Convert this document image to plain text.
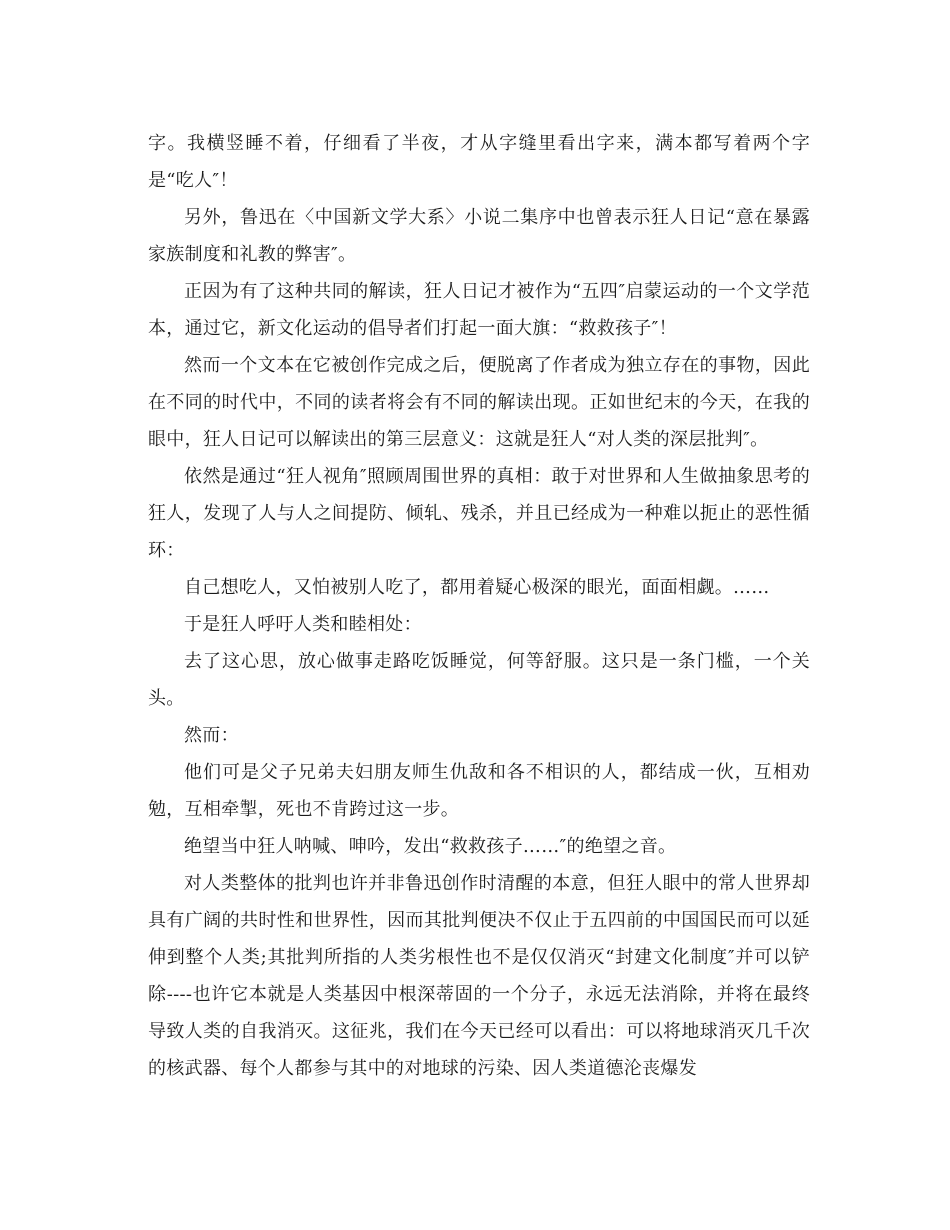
字。我横竖睡不着，仔细看了半夜，才从字缝里看出字来，满本都写着两个字是“吃人″！

另外，鲁迅在〈中国新文学大系〉小说二集序中也曾表示狂人日记“意在暴露家族制度和礼教的弊害″。

正因为有了这种共同的解读，狂人日记才被作为“五四″启蒙运动的一个文学范本，通过它，新文化运动的倡导者们打起一面大旗：“救救孩子″！

然而一个文本在它被创作完成之后，便脱离了作者成为独立存在的事物，因此在不同的时代中，不同的读者将会有不同的解读出现。正如世纪末的今天，在我的眼中，狂人日记可以解读出的第三层意义：这就是狂人“对人类的深层批判″。

依然是通过“狂人视角″照顾周围世界的真相：敢于对世界和人生做抽象思考的狂人，发现了人与人之间提防、倾轧、残杀，并且已经成为一种难以扼止的恶性循环：

自己想吃人，又怕被别人吃了，都用着疑心极深的眼光，面面相觑。……

于是狂人呼吁人类和睦相处：

去了这心思，放心做事走路吃饭睡觉，何等舒服。这只是一条门槛，一个关头。

然而：

他们可是父子兄弟夫妇朋友师生仇敌和各不相识的人，都结成一伙，互相劝勉，互相牵掣，死也不肯跨过这一步。

绝望当中狂人呐喊、呻吟，发出“救救孩子……″的绝望之音。

对人类整体的批判也许并非鲁迅创作时清醒的本意，但狂人眼中的常人世界却具有广阔的共时性和世界性，因而其批判便决不仅止于五四前的中国国民而可以延伸到整个人类;其批判所指的人类劣根性也不是仅仅消灭“封建文化制度″并可以铲除----也许它本就是人类基因中根深蒂固的一个分子，永远无法消除，并将在最终导致人类的自我消灭。这征兆，我们在今天已经可以看出：可以将地球消灭几千次的核武器、每个人都参与其中的对地球的污染、因人类道德沦丧爆发
